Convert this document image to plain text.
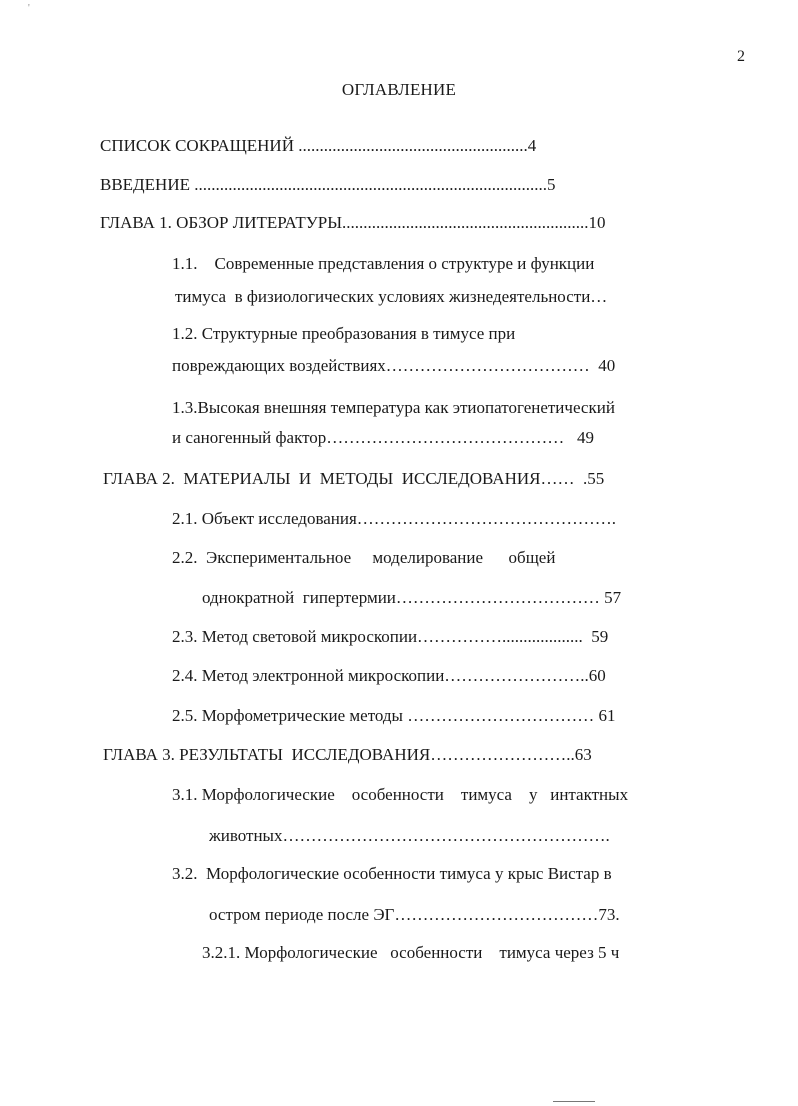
'
2
ОГЛАВЛЕНИЕ
СПИСОК СОКРАЩЕНИЙ ......................................................4
ВВЕДЕНИЕ ...................................................................................5
ГЛАВА 1. ОБЗОР ЛИТЕРАТУРЫ..........................................................10
1.1.    Современные представления о структуре и функции
тимуса  в физиологических условиях жизнедеятельности…
1.2. Структурные преобразования в тимусе при
повреждающих воздействиях………………………………  40
1.3.Высокая внешняя температура как этиопатогенетический
и саногенный фактор……………………………………   49
ГЛАВА 2.  МАТЕРИАЛЫ  И  МЕТОДЫ  ИССЛЕДОВАНИЯ……  .55
2.1. Объект исследования……………………………………….
2.2.  Экспериментальное     моделирование      общей
однократной  гипертермии……………………………… 57
2.3. Метод световой микроскопии……………...................  59
2.4. Метод электронной микроскопии……………………..60
2.5. Морфометрические методы …………………………… 61
ГЛАВА 3. РЕЗУЛЬТАТЫ  ИССЛЕДОВАНИЯ……………………..63
3.1. Морфологические    особенности    тимуса    у   интактных
животных………………………………………………….
3.2.  Морфологические особенности тимуса у крыс Вистар в
остром периоде после ЭГ………………………………73.
3.2.1. Морфологические   особенности    тимуса через 5 ч
